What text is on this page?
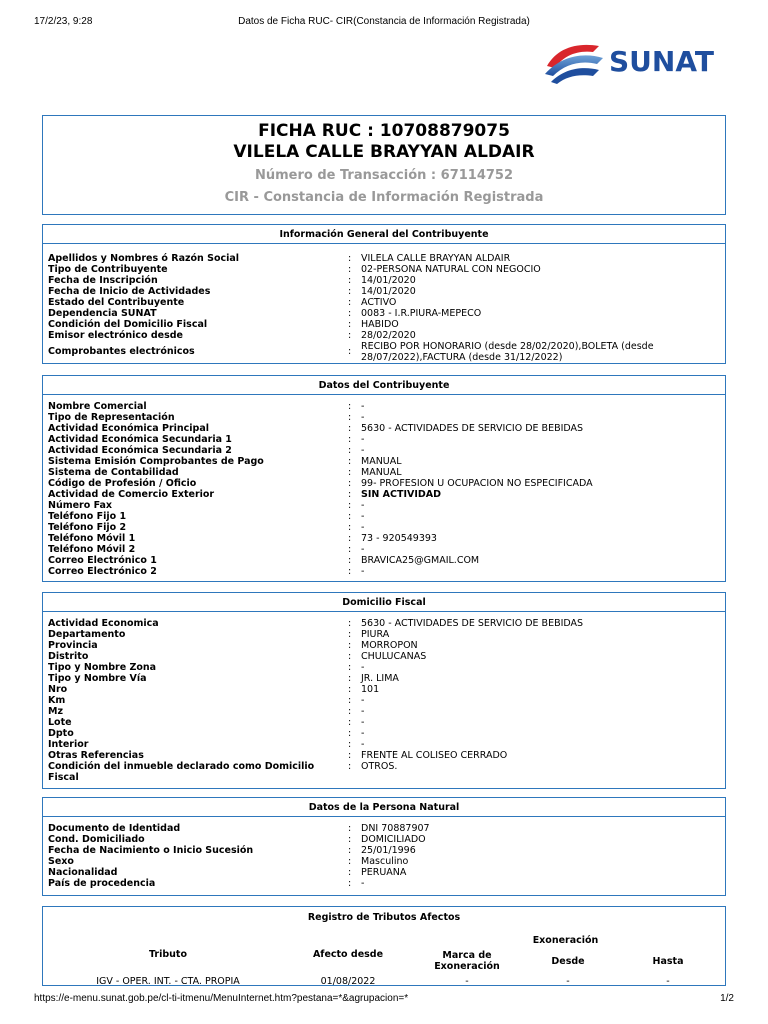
17/2/23, 9:28	Datos de Ficha RUC- CIR(Constancia de Información Registrada)
SUNAT
FICHA RUC : 10708879075
VILELA CALLE BRAYYAN ALDAIR
Número de Transacción : 67114752
CIR - Constancia de Información Registrada
Información General del Contribuyente
Apellidos y Nombres ó Razón Social	: VILELA CALLE BRAYYAN ALDAIR
Tipo de Contribuyente	: 02-PERSONA NATURAL CON NEGOCIO
Fecha de Inscripción	: 14/01/2020
Fecha de Inicio de Actividades	: 14/01/2020
Estado del Contribuyente	: ACTIVO
Dependencia SUNAT	: 0083 - I.R.PIURA-MEPECO
Condición del Domicilio Fiscal	: HABIDO
Emisor electrónico desde	: 28/02/2020
Comprobantes electrónicos	: RECIBO POR HONORARIO (desde 28/02/2020),BOLETA (desde 28/07/2022),FACTURA (desde 31/12/2022)
Datos del Contribuyente
Nombre Comercial	: -
Tipo de Representación	: -
Actividad Económica Principal	: 5630 - ACTIVIDADES DE SERVICIO DE BEBIDAS
Actividad Económica Secundaria 1	: -
Actividad Económica Secundaria 2	: -
Sistema Emisión Comprobantes de Pago	: MANUAL
Sistema de Contabilidad	: MANUAL
Código de Profesión / Oficio	: 99- PROFESION U OCUPACION NO ESPECIFICADA
Actividad de Comercio Exterior	: SIN ACTIVIDAD
Número Fax	: -
Teléfono Fijo 1	: -
Teléfono Fijo 2	: -
Teléfono Móvil 1	: 73 - 920549393
Teléfono Móvil 2	: -
Correo Electrónico 1	: BRAVICA25@GMAIL.COM
Correo Electrónico 2	: -
Domicilio Fiscal
Actividad Economica	: 5630 - ACTIVIDADES DE SERVICIO DE BEBIDAS
Departamento	: PIURA
Provincia	: MORROPON
Distrito	: CHULUCANAS
Tipo y Nombre Zona	: -
Tipo y Nombre Vía	: JR. LIMA
Nro	: 101
Km	: -
Mz	: -
Lote	: -
Dpto	: -
Interior	: -
Otras Referencias	: FRENTE AL COLISEO CERRADO
Condición del inmueble declarado como Domicilio Fiscal
: OTROS.
Datos de la Persona Natural
Documento de Identidad	: DNI 70887907
Cond. Domiciliado	: DOMICILIADO
Fecha de Nacimiento o Inicio Sucesión	: 25/01/1996
Sexo	: Masculino
Nacionalidad	: PERUANA
País de procedencia	: -
Registro de Tributos Afectos
Tributo	Afecto desde
Exoneración
Marca de Exoneración	Desde	Hasta
IGV - OPER. INT. - CTA. PROPIA	01/08/2022	-	-	-
https://e-menu.sunat.gob.pe/cl-ti-itmenu/MenuInternet.htm?pestana=*&agrupacion=*	1/2
